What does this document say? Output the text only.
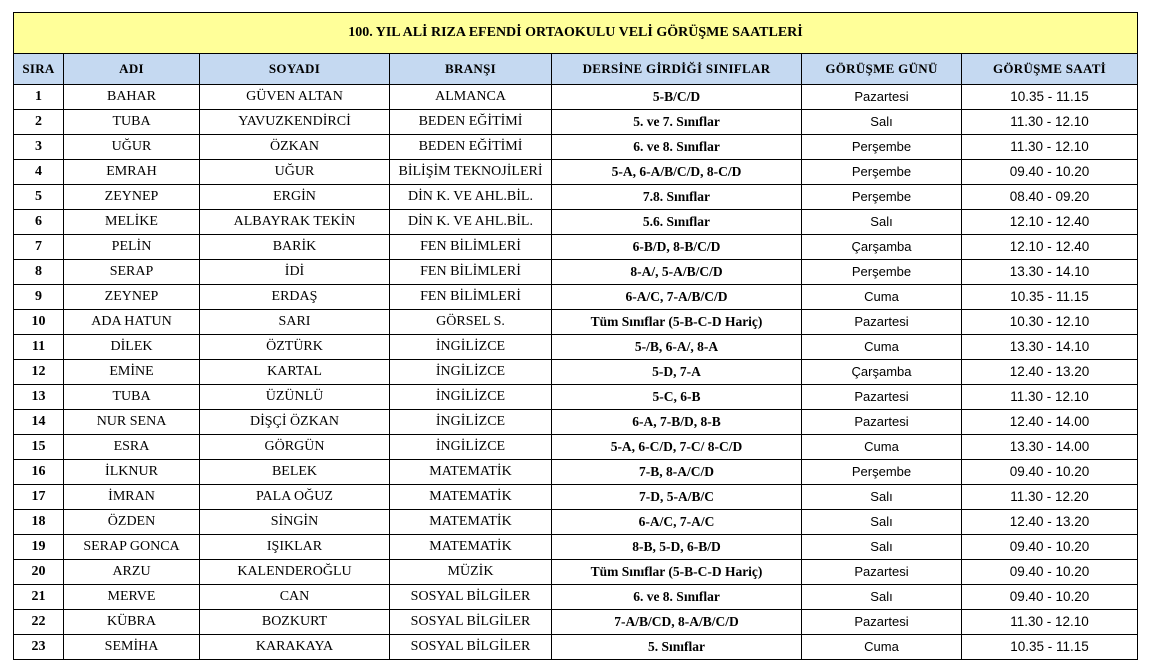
100. YIL ALİ RIZA EFENDİ ORTAOKULU VELİ GÖRÜŞME SAATLERİ						
SIRA	ADI	SOYADI	BRANŞI	DERSİNE GİRDİĞİ SINIFLAR	GÖRÜŞME GÜNÜ	GÖRÜŞME SAATİ
1	BAHAR	GÜVEN ALTAN	ALMANCA	5-B/C/D	Pazartesi	10.35 - 11.15
2	TUBA	YAVUZKENDİRCİ	BEDEN EĞİTİMİ	5. ve 7. Sınıflar	Salı	11.30 - 12.10
3	UĞUR	ÖZKAN	BEDEN EĞİTİMİ	6. ve 8. Sınıflar	Perşembe	11.30 - 12.10
4	EMRAH	UĞUR	BİLİŞİM TEKNOJİLERİ	5-A, 6-A/B/C/D, 8-C/D	Perşembe	09.40 - 10.20
5	ZEYNEP	ERGİN	DİN K. VE AHL.BİL.	7.8. Sınıflar	Perşembe	08.40 - 09.20
6	MELİKE	ALBAYRAK TEKİN	DİN K. VE AHL.BİL.	5.6. Sınıflar	Salı	12.10 - 12.40
7	PELİN	BARİK	FEN BİLİMLERİ	6-B/D, 8-B/C/D	Çarşamba	12.10 - 12.40
8	SERAP	İDİ	FEN BİLİMLERİ	8-A/, 5-A/B/C/D	Perşembe	13.30 - 14.10
9	ZEYNEP	ERDAŞ	FEN BİLİMLERİ	6-A/C, 7-A/B/C/D	Cuma	10.35 - 11.15
10	ADA HATUN	SARI	GÖRSEL S.	Tüm Sınıflar (5-B-C-D Hariç)	Pazartesi	10.30 - 12.10
11	DİLEK	ÖZTÜRK	İNGİLİZCE	5-/B, 6-A/, 8-A	Cuma	13.30 - 14.10
12	EMİNE	KARTAL	İNGİLİZCE	5-D, 7-A	Çarşamba	12.40 - 13.20
13	TUBA	ÜZÜNLÜ	İNGİLİZCE	5-C, 6-B	Pazartesi	11.30 - 12.10
14	NUR SENA	DİŞÇİ ÖZKAN	İNGİLİZCE	6-A, 7-B/D, 8-B	Pazartesi	12.40 - 14.00
15	ESRA	GÖRGÜN	İNGİLİZCE	5-A, 6-C/D, 7-C/ 8-C/D	Cuma	13.30 - 14.00
16	İLKNUR	BELEK	MATEMATİK	7-B, 8-A/C/D	Perşembe	09.40 - 10.20
17	İMRAN	PALA OĞUZ	MATEMATİK	7-D, 5-A/B/C	Salı	11.30 - 12.20
18	ÖZDEN	SİNGİN	MATEMATİK	6-A/C, 7-A/C	Salı	12.40 - 13.20
19	SERAP GONCA	IŞIKLAR	MATEMATİK	8-B, 5-D, 6-B/D	Salı	09.40 - 10.20
20	ARZU	KALENDEROĞLU	MÜZİK	Tüm Sınıflar (5-B-C-D Hariç)	Pazartesi	09.40 - 10.20
21	MERVE	CAN	SOSYAL BİLGİLER	6. ve 8. Sınıflar	Salı	09.40 - 10.20
22	KÜBRA	BOZKURT	SOSYAL BİLGİLER	7-A/B/CD, 8-A/B/C/D	Pazartesi	11.30 - 12.10
23	SEMİHA	KARAKAYA	SOSYAL BİLGİLER	5. Sınıflar	Cuma	10.35 - 11.15
